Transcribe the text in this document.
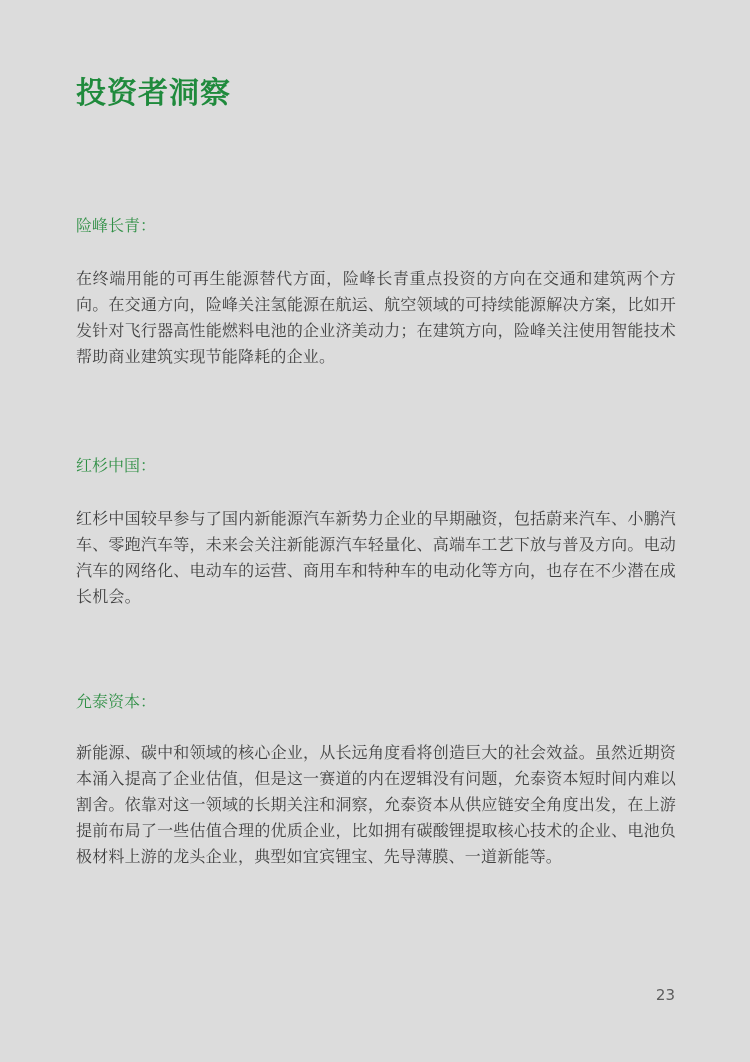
投资者洞察
险峰长青：

在终端用能的可再生能源替代方面，险峰长青重点投资的方向在交通和建筑两个方向。在交通方向，险峰关注氢能源在航运、航空领域的可持续能源解决方案，比如开发针对飞行器高性能燃料电池的企业济美动力；在建筑方向，险峰关注使用智能技术帮助商业建筑实现节能降耗的企业。

红杉中国：

红杉中国较早参与了国内新能源汽车新势力企业的早期融资，包括蔚来汽车、小鹏汽车、零跑汽车等，未来会关注新能源汽车轻量化、高端车工艺下放与普及方向。电动汽车的网络化、电动车的运营、商用车和特种车的电动化等方向，也存在不少潜在成长机会。

允泰资本：

新能源、碳中和领域的核心企业，从长远角度看将创造巨大的社会效益。虽然近期资本涌入提高了企业估值，但是这一赛道的内在逻辑没有问题，允泰资本短时间内难以割舍。依靠对这一领域的长期关注和洞察，允泰资本从供应链安全角度出发，在上游提前布局了一些估值合理的优质企业，比如拥有碳酸锂提取核心技术的企业、电池负极材料上游的龙头企业，典型如宜宾锂宝、先导薄膜、一道新能等。

23
